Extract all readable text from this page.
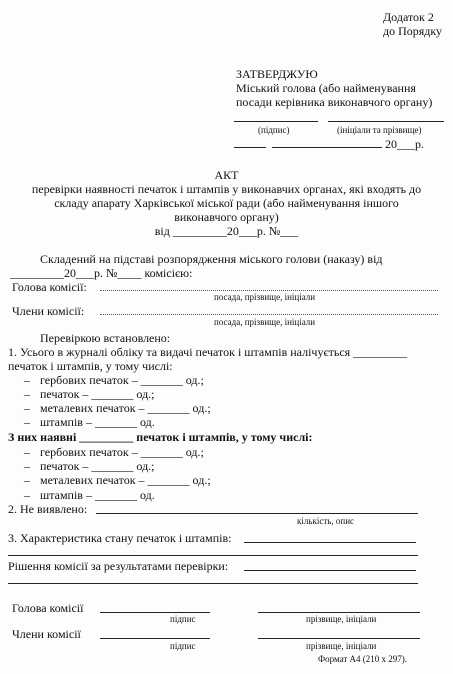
Додаток 2
до Порядку
ЗАТВЕРДЖУЮ
Міський голова (або найменування
посади керівника виконавчого органу)
(підпис)	(ініціали та прізвище)
20___р.
АКТ
перевірки наявності печаток і штампів у виконавчих органах, які входять до
складу апарату Харківської міської ради (або найменування іншого
виконавчого органу)
від _________20___р. №___
Складений на підставі розпорядження міського голови (наказу) від
_________20___р. №____ комісією:
Голова комісії:
посада, прізвище, ініціали
Члени комісії:
посада, прізвище, ініціали
Перевіркою встановлено:
1. Усього в журналі обліку та видачі печаток і штампів налічується _________
печаток і штампів, у тому числі:
– гербових печаток – _______ од.;
– печаток – _______ од.;
– металевих печаток – _______ од.;
– штампів – _______ од.
З них наявні _________ печаток і штампів, у тому числі:
– гербових печаток – _______ од.;
– печаток – _______ од.;
– металевих печаток – _______ од.;
– штампів – _______ од.
2. Не виявлено:
кількість, опис
3. Характеристика стану печаток і штампів:
Рішення комісії за результатами перевірки:
Голова комісії
підпис	прізвище, ініціали
Члени комісії
підпис	прізвище, ініціали
Формат А4 (210 х 297).
